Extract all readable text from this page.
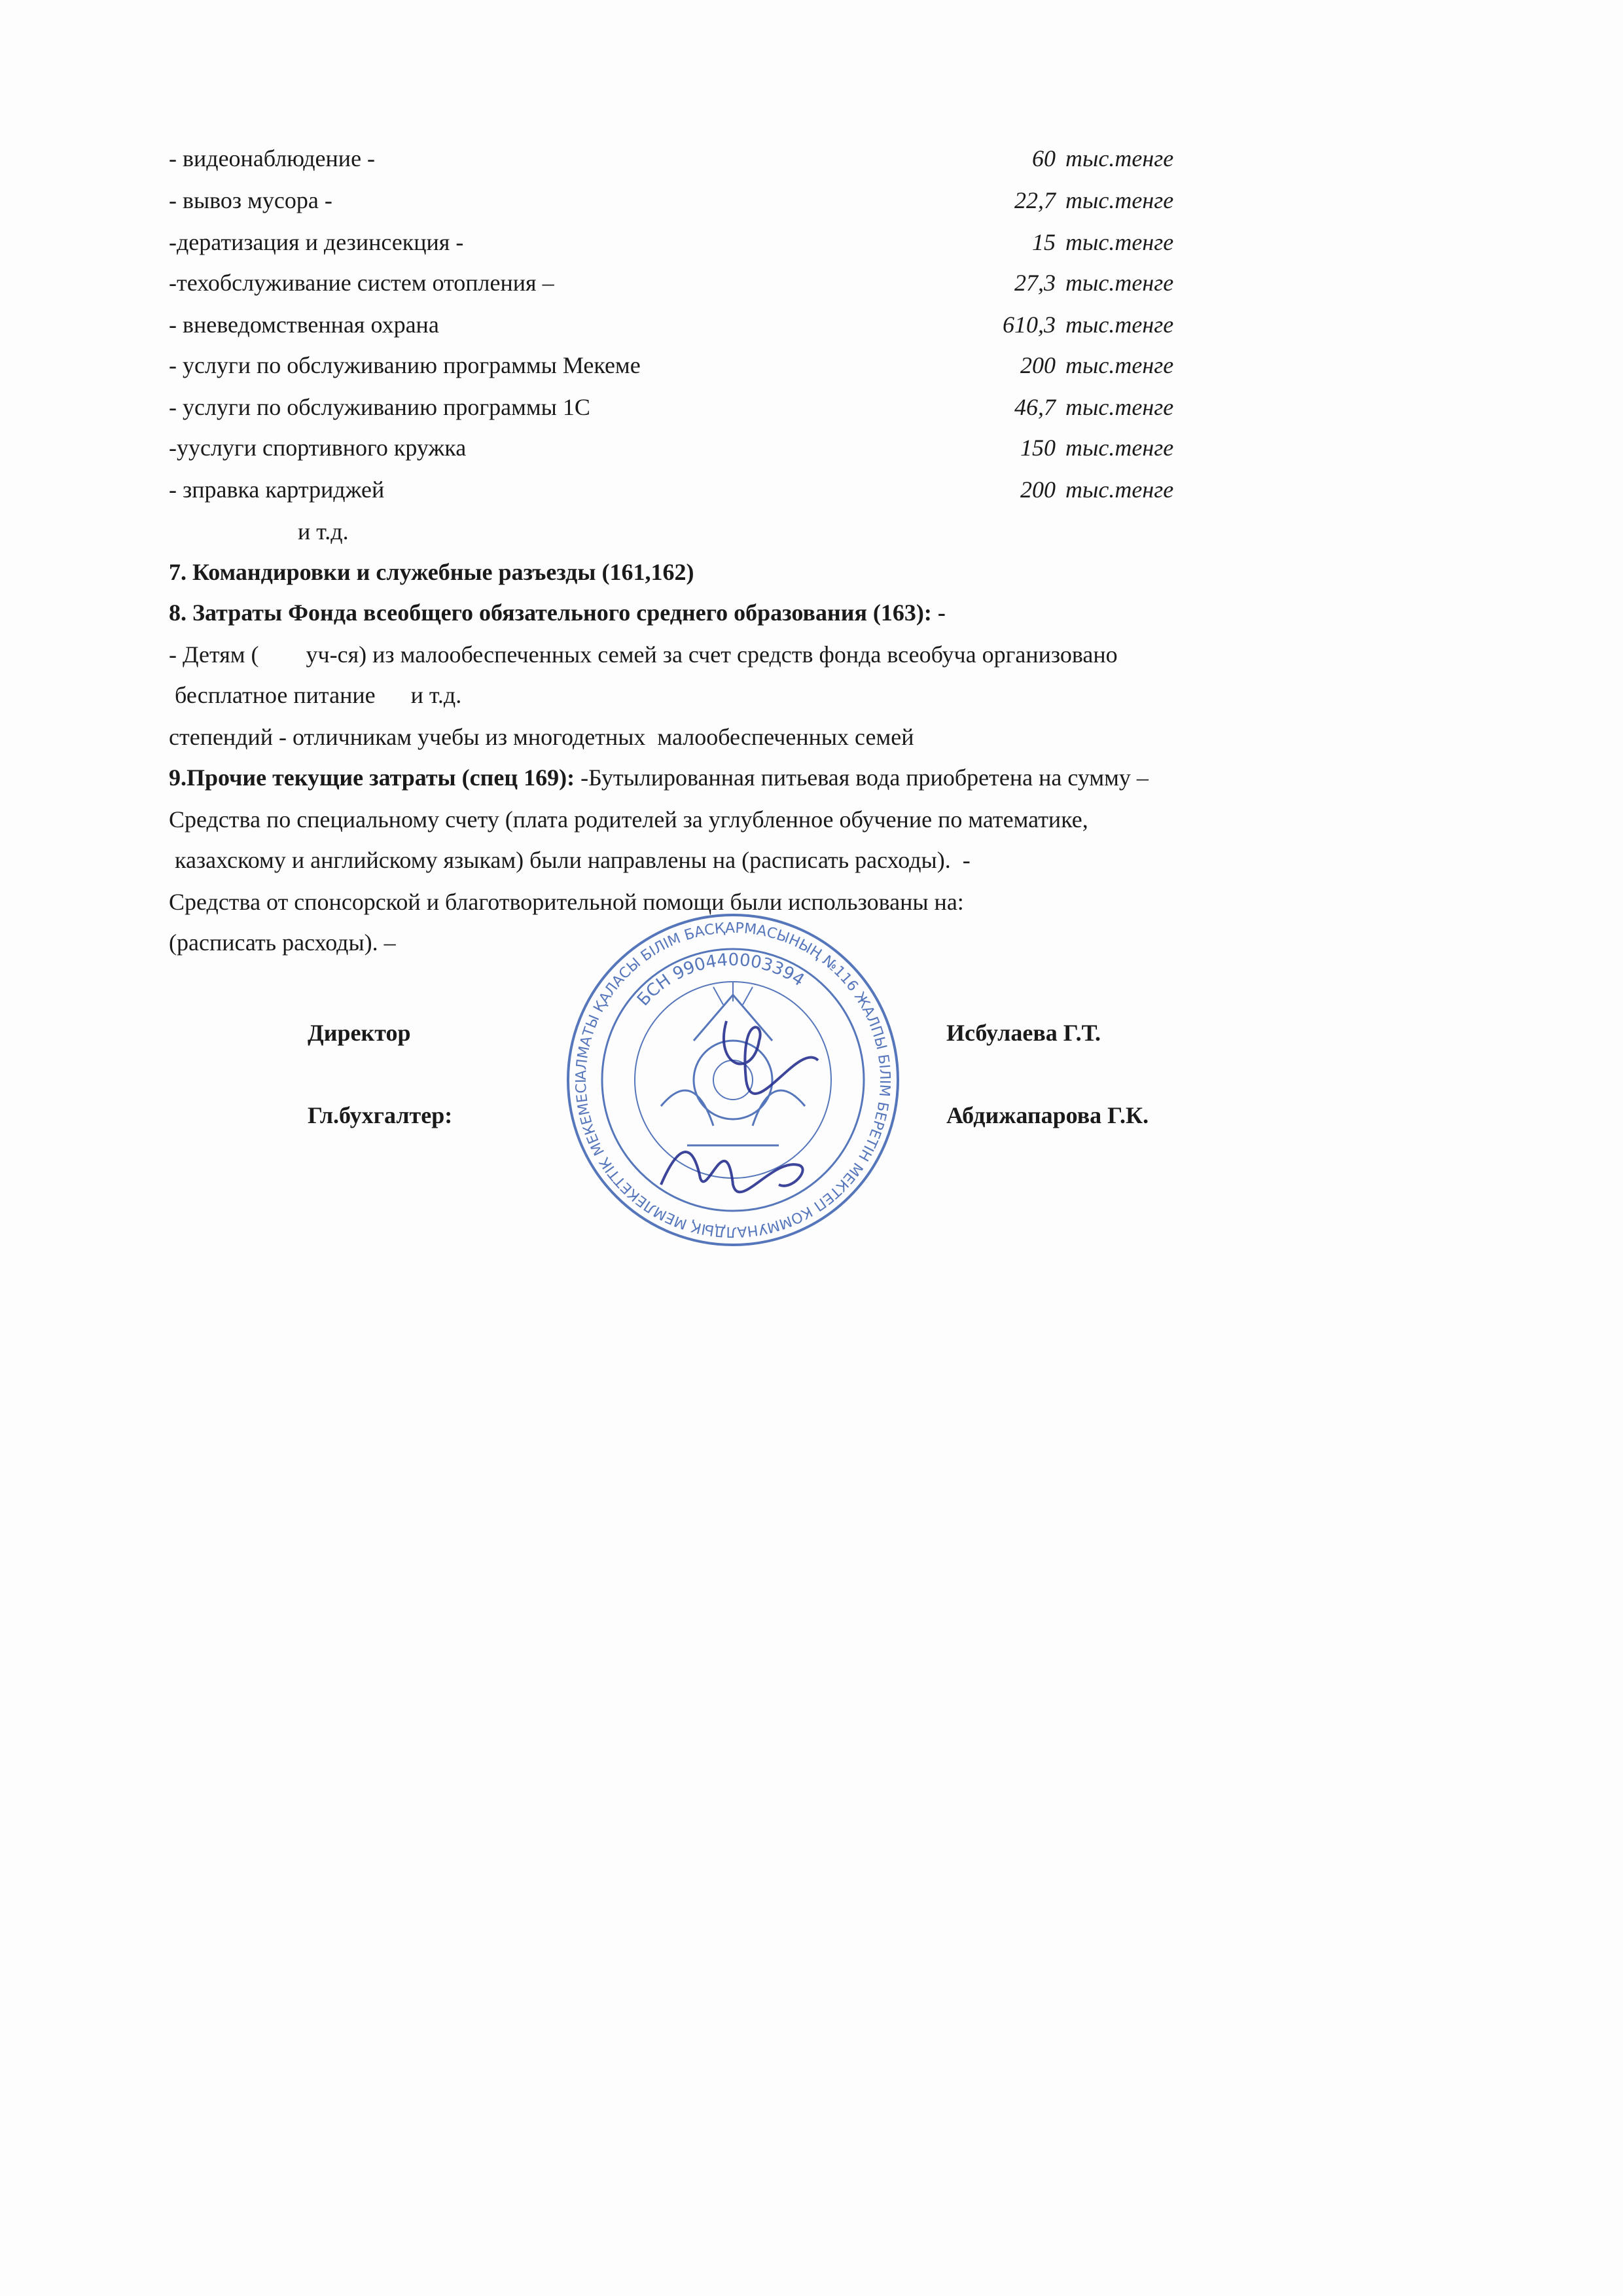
- видеонаблюдение -	60 тыс.тенге
- вывоз мусора -	22,7 тыс.тенге
-дератизация и дезинсекция -	15 тыс.тенге
-техобслуживание систем отопления –	27,3 тыс.тенге
- вневедомственная охрана	610,3 тыс.тенге
- услуги по обслуживанию программы Мекеме	200 тыс.тенге
- услуги по обслуживанию программы 1С	46,7 тыс.тенге
-ууслуги спортивного кружка	150 тыс.тенге
- зправка картриджей	200 тыс.тенге
и т.д.
7. Командировки и служебные разъезды (161,162)
8. Затраты Фонда всеобщего обязательного среднего образования (163): -
- Детям (        уч-ся) из малообеспеченных семей за счет средств фонда всеобуча организовано
бесплатное питание      и т.д.
степендий - отличникам учебы из многодетных  малообеспеченных семей
9.Прочие текущие затраты (спец 169): -Бутылированная питьевая вода приобретена на сумму –
Средства по специальному счету (плата родителей за углубленное обучение по математике,
казахскому и английскому языкам) были направлены на (расписать расходы).  -
Средства от спонсорской и благотворительной помощи были использованы на:
(расписать расходы). –
Директор	Исбулаева Г.Т.
Гл.бухгалтер:	Абдижапарова Г.К.
АЛМАТЫ ҚАЛАСЫ БІЛІМ БАСҚАРМАСЫНЫҢ №116 ЖАЛПЫ БІЛІМ БЕРЕТІН МЕКТЕП КОММУНАЛДЫҚ МЕМЛЕКЕТТІК МЕКЕМЕСІ
БСН 990440003394
